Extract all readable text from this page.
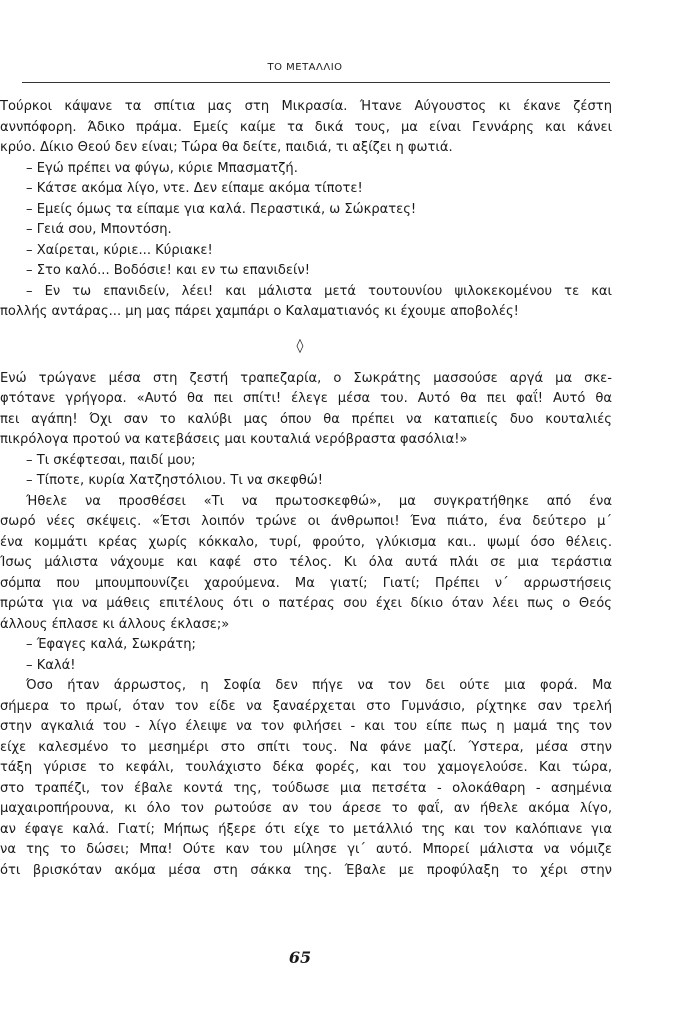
ΤΟ ΜΕΤΑΛΛΙΟ
Τούρκοι κάψανε τα σπίτια μας στη Μικρασία. Ήτανε Αύγουστος κι έκανε ζέστη
αννπόφορη. Άδικο πράμα. Εμείς καίμε τα δικά τους, μα είναι Γεννάρης και κάνει
κρύο. Δίκιο Θεού δεν είναι; Τώρα θα δείτε, παιδιά, τι αξίζει η φωτιά.
– Εγώ πρέπει να φύγω, κύριε Μπασματζή.
– Κάτσε ακόμα λίγο, ντε. Δεν είπαμε ακόμα τίποτε!
– Εμείς όμως τα είπαμε για καλά. Περαστικά, ω Σώκρατες!
– Γειά σου, Μποντόση.
– Χαίρεται, κύριε... Κύριακε!
– Στο καλό... Βοδόσιε! και εν τω επανιδείν!
– Εν τω επανιδείν, λέει! και μάλιστα μετά τουτουνίου ψιλοκεκομένου τε και
πολλής αντάρας... μη μας πάρει χαμπάρι ο Καλαματιανός κι έχουμε αποβολές!
◊
Ενώ τρώγανε μέσα στη ζεστή τραπεζαρία, ο Σωκράτης μασσούσε αργά μα σκε-
φτότανε γρήγορα. «Αυτό θα πει σπίτι! έλεγε μέσα του. Αυτό θα πει φαΐ! Αυτό θα
πει αγάπη! Όχι σαν το καλύβι μας όπου θα πρέπει να καταπιείς δυο κουταλιές
πικρόλογα προτού να κατεβάσεις μαι κουταλιά νερόβραστα φασόλια!»
– Τι σκέφτεσαι, παιδί μου;
– Τίποτε, κυρία Χατζηστόλιου. Τι να σκεφθώ!
Ήθελε να προσθέσει «Τι να πρωτοσκεφθώ», μα συγκρατήθηκε από ένα
σωρό νέες σκέψεις. «Έτσι λοιπόν τρώνε οι άνθρωποι! Ένα πιάτο, ένα δεύτερο μ΄
ένα κομμάτι κρέας χωρίς κόκκαλο, τυρί, φρούτο, γλύκισμα και.. ψωμί όσο θέλεις.
Ίσως μάλιστα νάχουμε και καφέ στο τέλος. Κι όλα αυτά πλάι σε μια τεράστια
σόμπα που μπουμπουνίζει χαρούμενα. Μα γιατί; Γιατί; Πρέπει ν΄ αρρωστήσεις
πρώτα για να μάθεις επιτέλους ότι ο πατέρας σου έχει δίκιο όταν λέει πως ο Θεός
άλλους έπλασε κι άλλους έκλασε;»
– Έφαγες καλά, Σωκράτη;
– Καλά!
Όσο ήταν άρρωστος, η Σοφία δεν πήγε να τον δει ούτε μια φορά. Μα
σήμερα το πρωί, όταν τον είδε να ξαναέρχεται στο Γυμνάσιο, ρίχτηκε σαν τρελή
στην αγκαλιά του - λίγο έλειψε να τον φιλήσει - και του είπε πως η μαμά της τον
είχε καλεσμένο το μεσημέρι στο σπίτι τους. Να φάνε μαζί. Ύστερα, μέσα στην
τάξη γύρισε το κεφάλι, τουλάχιστο δέκα φορές, και του χαμογελούσε. Και τώρα,
στο τραπέζι, τον έβαλε κοντά της, τούδωσε μια πετσέτα - ολοκάθαρη - ασημένια
μαχαιροπήρουνα, κι όλο τον ρωτούσε αν του άρεσε το φαΐ, αν ήθελε ακόμα λίγο,
αν έφαγε καλά. Γιατί; Μήπως ήξερε ότι είχε το μετάλλιό της και τον καλόπιανε για
να της το δώσει; Μπα! Ούτε καν του μίλησε γι΄ αυτό. Μπορεί μάλιστα να νόμιζε
ότι βρισκόταν ακόμα μέσα στη σάκκα της. Έβαλε με προφύλαξη το χέρι στην
65
